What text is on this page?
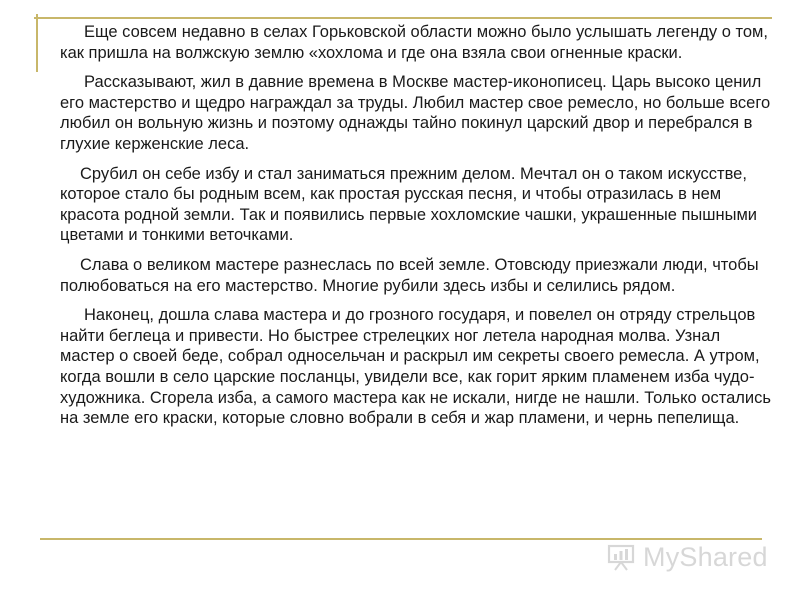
Еще совсем недавно в селах Горьковской области можно было услышать легенду о том, как пришла на волжскую землю «хохлома и где она взяла свои огненные краски.

Рассказывают, жил в давние времена в Москве мастер-иконописец. Царь высоко ценил его мастерство и щедро награждал за труды. Любил мастер свое ремесло, но больше всего любил он вольную жизнь и поэтому однажды тайно покинул царский двор и перебрался в глухие керженские леса.

Срубил он себе избу и стал заниматься прежним делом. Мечтал он о таком искусстве, которое стало бы родным всем, как простая русская песня, и чтобы отразилась в нем красота родной земли. Так и появились первые хохломские чашки, украшенные пышными цветами и тонкими веточками.

Слава о великом мастере разнеслась по всей земле. Отовсюду приезжали люди, чтобы полюбоваться на его мастерство. Многие рубили здесь избы и селились рядом.

Наконец, дошла слава мастера и до грозного государя, и повелел он отряду стрельцов найти беглеца и привести. Но быстрее стрелецких ног летела народная молва. Узнал мастер о своей беде, собрал односельчан и раскрыл им секреты своего ремесла. А утром, когда вошли в село царские посланцы, увидели все, как горит ярким пламенем изба чудо-художника. Сгорела изба, а самого мастера как не искали, нигде не нашли. Только остались на земле его краски, которые словно вобрали в себя и жар пламени, и чернь пепелища.

MyShared
